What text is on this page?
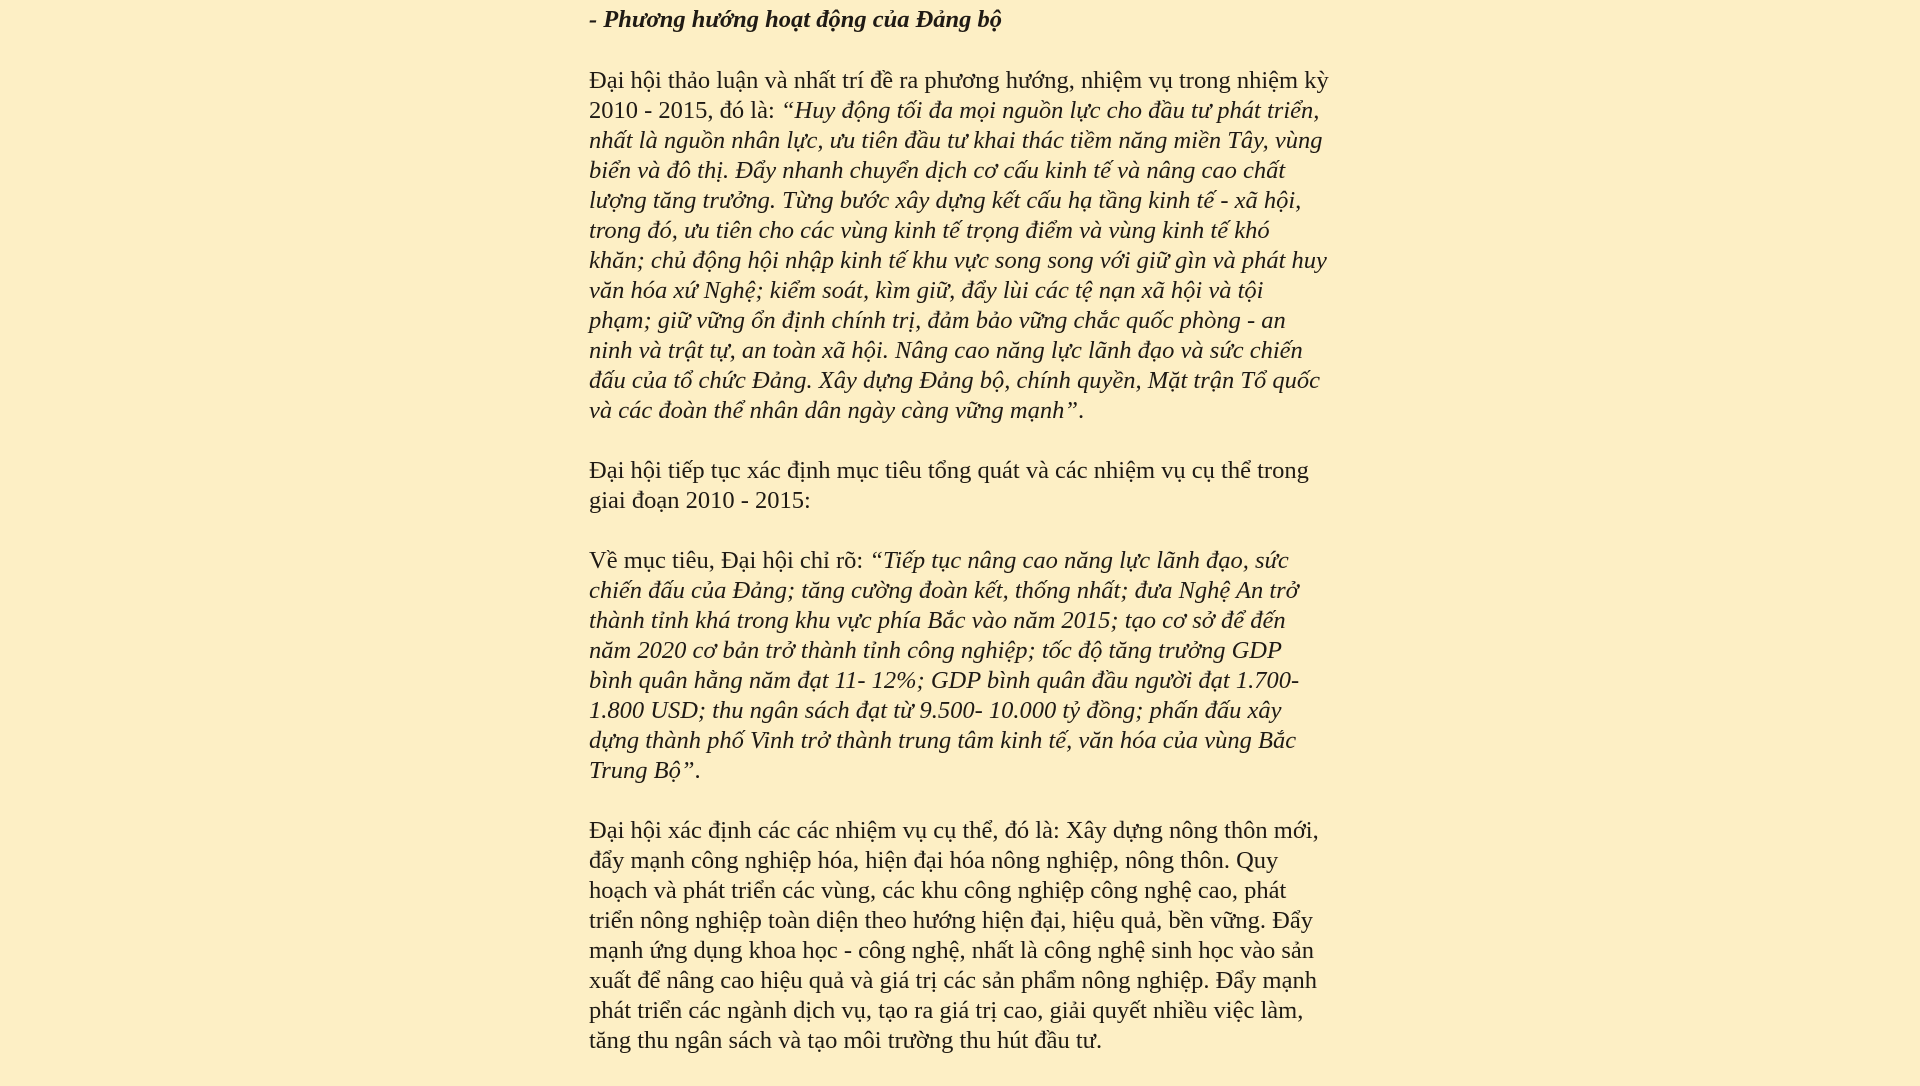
- Phương hướng hoạt động của Đảng bộ

Đại hội thảo luận và nhất trí đề ra phương hướng, nhiệm vụ trong nhiệm kỳ 2010 - 2015, đó là: “Huy động tối đa mọi nguồn lực cho đầu tư phát triển, nhất là nguồn nhân lực, ưu tiên đầu tư khai thác tiềm năng miền Tây, vùng biển và đô thị. Đẩy nhanh chuyển dịch cơ cấu kinh tế và nâng cao chất lượng tăng trưởng. Từng bước xây dựng kết cấu hạ tầng kinh tế - xã hội, trong đó, ưu tiên cho các vùng kinh tế trọng điểm và vùng kinh tế khó khăn; chủ động hội nhập kinh tế khu vực song song với giữ gìn và phát huy văn hóa xứ Nghệ; kiểm soát, kìm giữ, đẩy lùi các tệ nạn xã hội và tội phạm; giữ vững ổn định chính trị, đảm bảo vững chắc quốc phòng - an ninh và trật tự, an toàn xã hội. Nâng cao năng lực lãnh đạo và sức chiến đấu của tổ chức Đảng. Xây dựng Đảng bộ, chính quyền, Mặt trận Tổ quốc và các đoàn thể nhân dân ngày càng vững mạnh”.

Đại hội tiếp tục xác định mục tiêu tổng quát và các nhiệm vụ cụ thể trong giai đoạn 2010 - 2015:

Về mục tiêu, Đại hội chỉ rõ: “Tiếp tục nâng cao năng lực lãnh đạo, sức chiến đấu của Đảng; tăng cường đoàn kết, thống nhất; đưa Nghệ An trở thành tỉnh khá trong khu vực phía Bắc vào năm 2015; tạo cơ sở để đến năm 2020 cơ bản trở thành tỉnh công nghiệp; tốc độ tăng trưởng GDP bình quân hằng năm đạt 11- 12%; GDP bình quân đầu người đạt 1.700- 1.800 USD; thu ngân sách đạt từ 9.500- 10.000 tỷ đồng; phấn đấu xây dựng thành phố Vinh trở thành trung tâm kinh tế, văn hóa của vùng Bắc Trung Bộ”.

Đại hội xác định các các nhiệm vụ cụ thể, đó là: Xây dựng nông thôn mới, đẩy mạnh công nghiệp hóa, hiện đại hóa nông nghiệp, nông thôn. Quy hoạch và phát triển các vùng, các khu công nghiệp công nghệ cao, phát triển nông nghiệp toàn diện theo hướng hiện đại, hiệu quả, bền vững. Đẩy mạnh ứng dụng khoa học - công nghệ, nhất là công nghệ sinh học vào sản xuất để nâng cao hiệu quả và giá trị các sản phẩm nông nghiệp. Đẩy mạnh phát triển các ngành dịch vụ, tạo ra giá trị cao, giải quyết nhiều việc làm, tăng thu ngân sách và tạo môi trường thu hút đầu tư.
